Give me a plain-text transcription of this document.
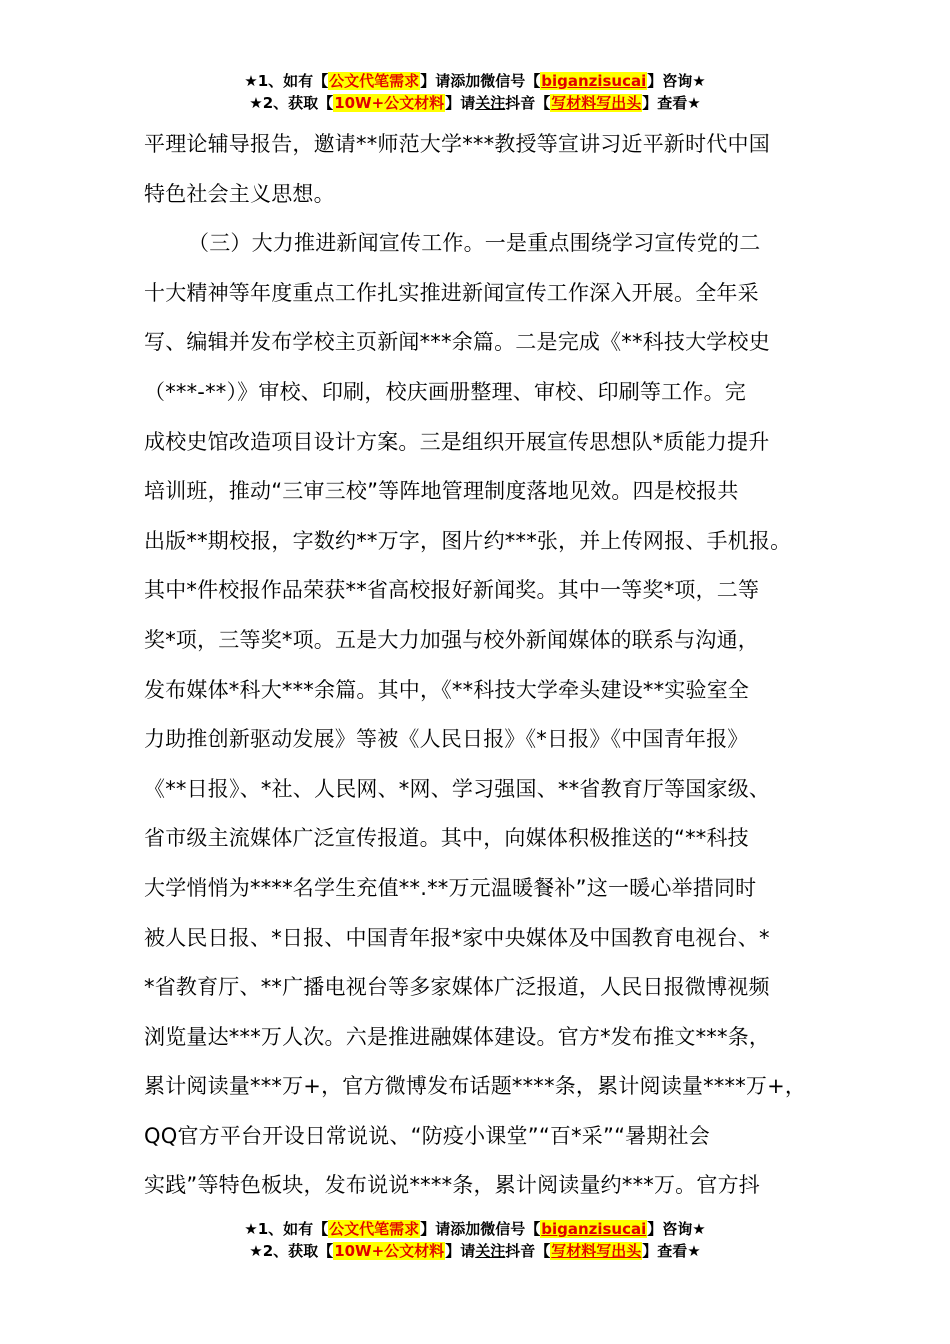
★1、如有【公文代笔需求】请添加微信号【biganzisucai】咨询★
★2、获取【10W+公文材料】请关注抖音【写材料写出头】查看★
平理论辅导报告，邀请**师范大学***教授等宣讲习近平新时代中国
特色社会主义思想。
（三）大力推进新闻宣传工作。一是重点围绕学习宣传党的二
十大精神等年度重点工作扎实推进新闻宣传工作深入开展。全年采
写、编辑并发布学校主页新闻***余篇。二是完成《**科技大学校史
（***-**）》审校、印刷，校庆画册整理、审校、印刷等工作。完
成校史馆改造项目设计方案。三是组织开展宣传思想队*质能力提升
培训班，推动“三审三校”等阵地管理制度落地见效。四是校报共
出版**期校报，字数约**万字，图片约***张，并上传网报、手机报。
其中*件校报作品荣获**省高校报好新闻奖。其中一等奖*项，二等
奖*项，三等奖*项。五是大力加强与校外新闻媒体的联系与沟通，
发布媒体*科大***余篇。其中，《**科技大学牵头建设**实验室全
力助推创新驱动发展》等被《人民日报》《*日报》《中国青年报》
《**日报》、*社、人民网、*网、学习强国、**省教育厅等国家级、
省市级主流媒体广泛宣传报道。其中，向媒体积极推送的“**科技
大学悄悄为****名学生充值**.**万元温暖餐补”这一暖心举措同时
被人民日报、*日报、中国青年报*家中央媒体及中国教育电视台、*
*省教育厅、**广播电视台等多家媒体广泛报道，人民日报微博视频
浏览量达***万人次。六是推进融媒体建设。官方*发布推文***条，
累计阅读量***万+，官方微博发布话题****条，累计阅读量****万+，
QQ官方平台开设日常说说、“防疫小课堂”“百*采”“暑期社会
实践”等特色板块，发布说说****条，累计阅读量约***万。官方抖
★1、如有【公文代笔需求】请添加微信号【biganzisucai】咨询★
★2、获取【10W+公文材料】请关注抖音【写材料写出头】查看★
